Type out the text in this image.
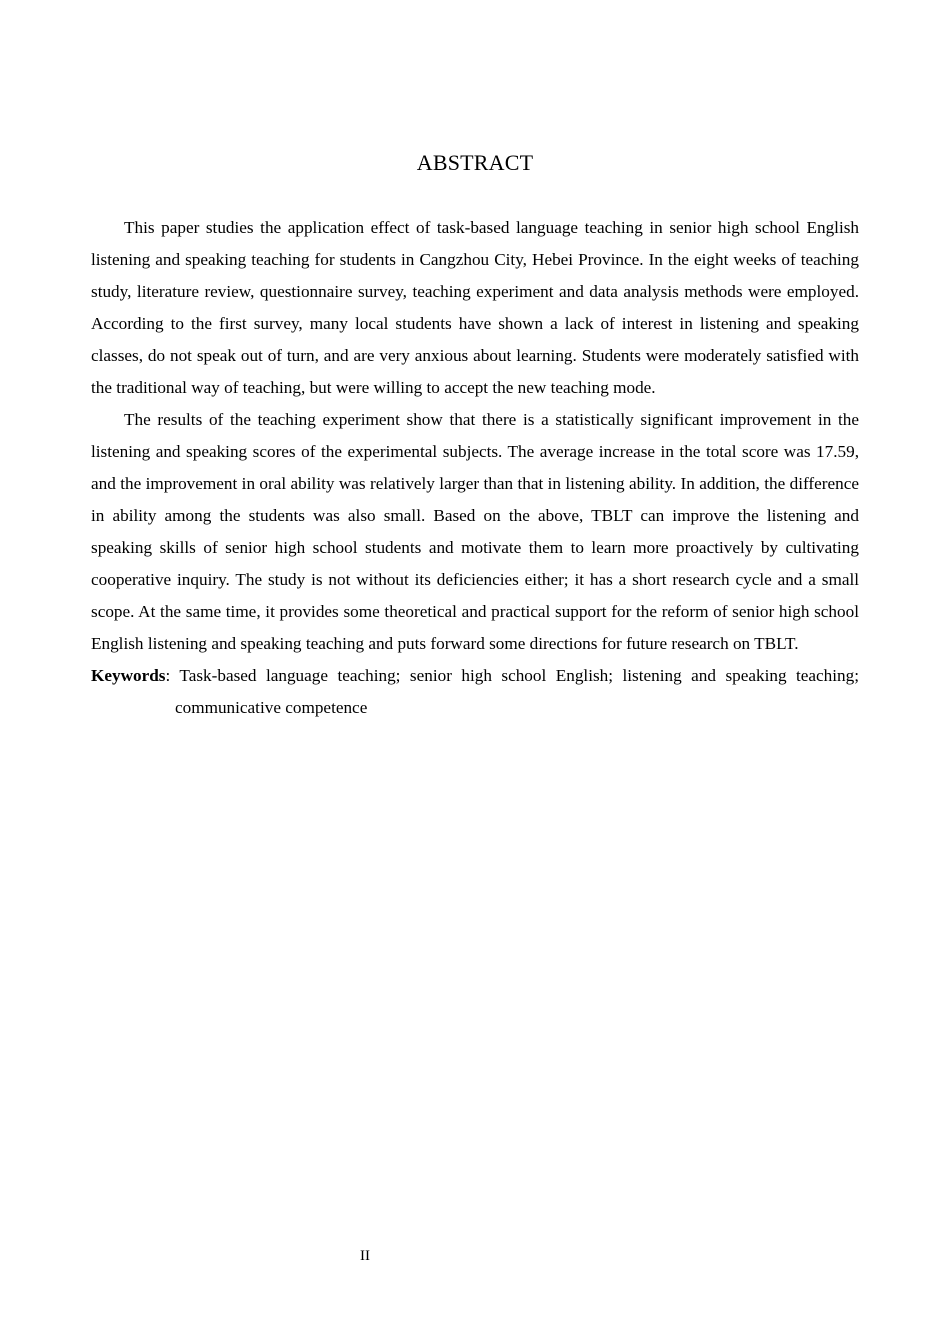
ABSTRACT

This paper studies the application effect of task-based language teaching in senior high school English listening and speaking teaching for students in Cangzhou City, Hebei Province. In the eight weeks of teaching study, literature review, questionnaire survey, teaching experiment and data analysis methods were employed. According to the first survey, many local students have shown a lack of interest in listening and speaking classes, do not speak out of turn, and are very anxious about learning. Students were moderately satisfied with the traditional way of teaching, but were willing to accept the new teaching mode.

The results of the teaching experiment show that there is a statistically significant improvement in the listening and speaking scores of the experimental subjects. The average increase in the total score was 17.59, and the improvement in oral ability was relatively larger than that in listening ability. In addition, the difference in ability among the students was also small. Based on the above, TBLT can improve the listening and speaking skills of senior high school students and motivate them to learn more proactively by cultivating cooperative inquiry. The study is not without its deficiencies either; it has a short research cycle and a small scope. At the same time, it provides some theoretical and practical support for the reform of senior high school English listening and speaking teaching and puts forward some directions for future research on TBLT.

Keywords: Task-based language teaching; senior high school English; listening and speaking teaching; communicative competence

II
